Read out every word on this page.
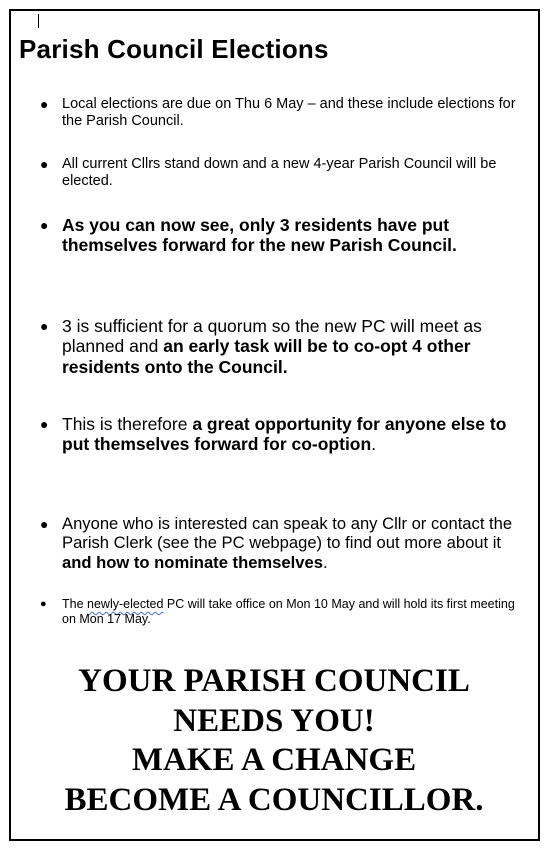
Parish Council Elections
● Local elections are due on Thu 6 May – and these include elections for the Parish Council.
● All current Cllrs stand down and a new 4-year Parish Council will be elected.
● As you can now see, only 3 residents have put themselves forward for the new Parish Council.
● 3 is sufficient for a quorum so the new PC will meet as planned and an early task will be to co-opt 4 other residents onto the Council.
● This is therefore a great opportunity for anyone else to put themselves forward for co-option.
● Anyone who is interested can speak to any Cllr or contact the Parish Clerk (see the PC webpage) to find out more about it and how to nominate themselves.
● The newly-elected PC will take office on Mon 10 May and will hold its first meeting on Mon 17 May.
YOUR PARISH COUNCIL
NEEDS YOU!
MAKE A CHANGE
BECOME A COUNCILLOR.
